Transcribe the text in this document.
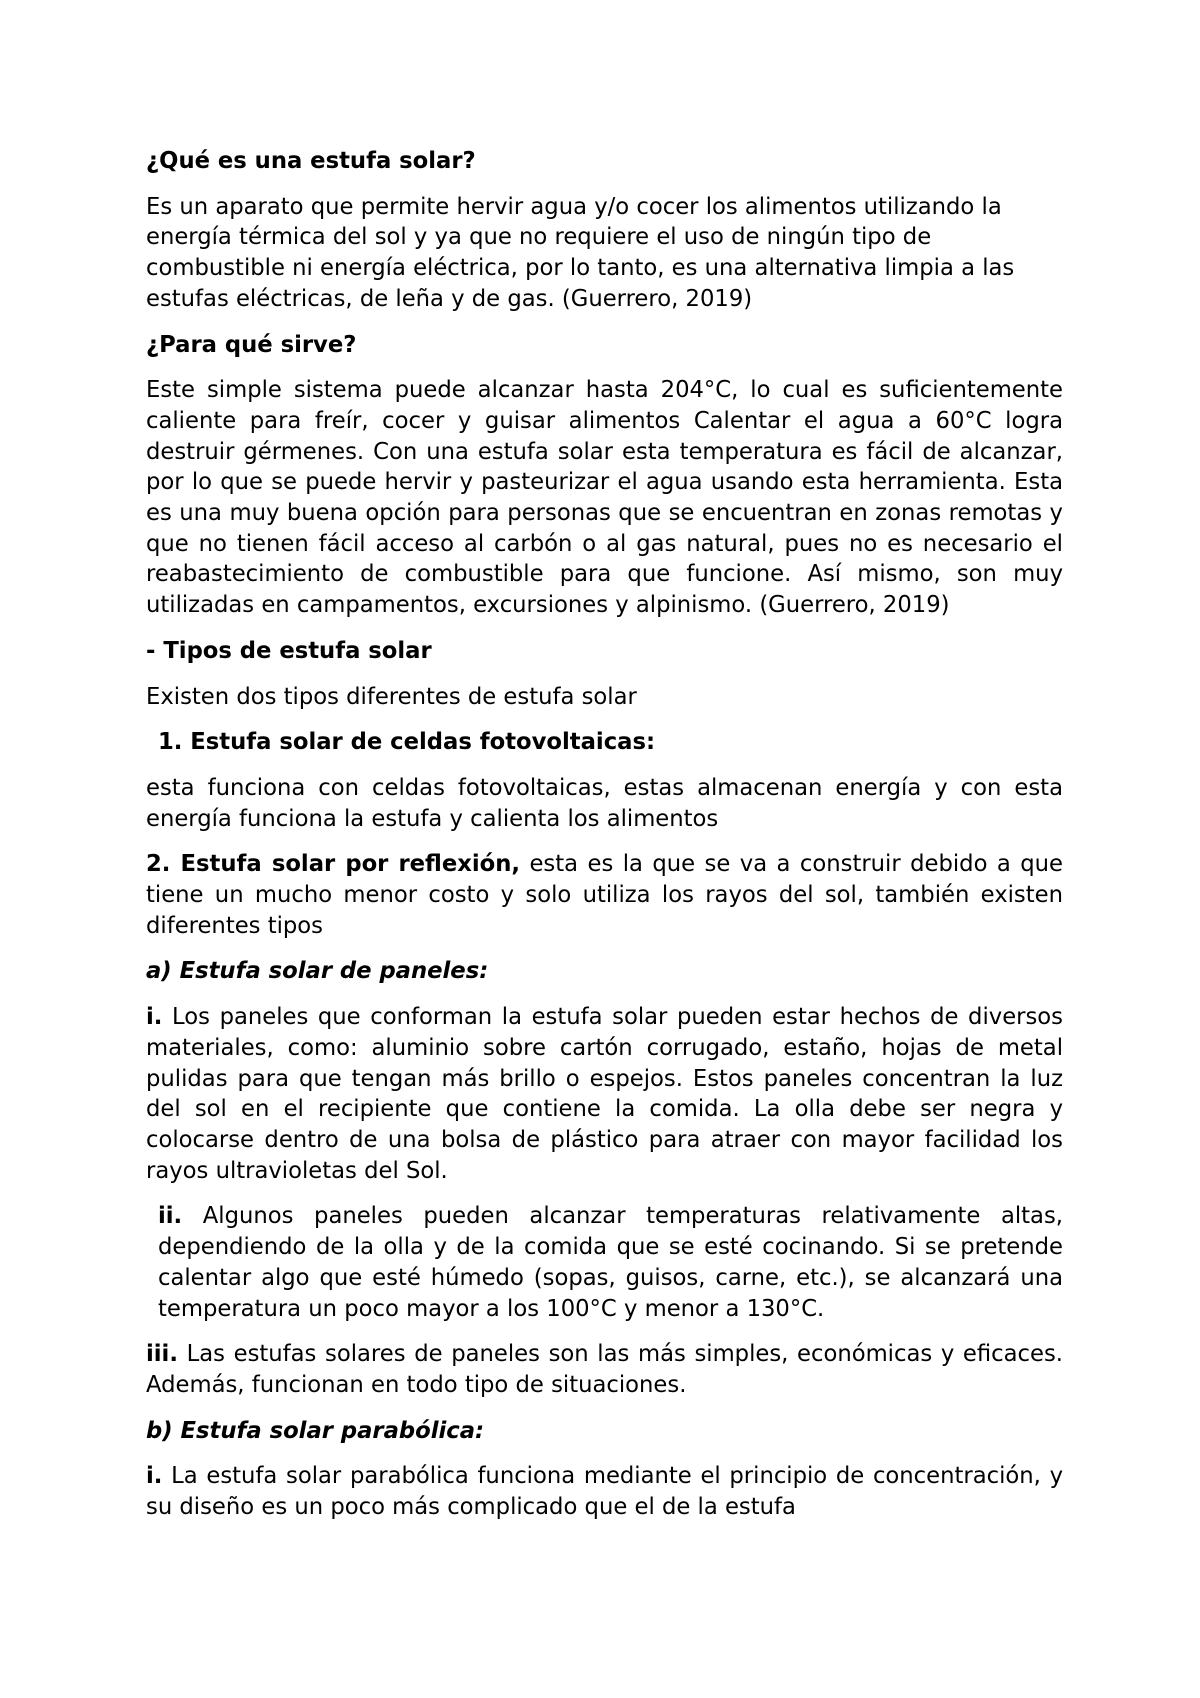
¿Qué es una estufa solar?

Es un aparato que permite hervir agua y/o cocer los alimentos utilizando la energía térmica del sol y ya que no requiere el uso de ningún tipo de combustible ni energía eléctrica, por lo tanto, es una alternativa limpia a las estufas eléctricas, de leña y de gas. (Guerrero, 2019)

¿Para qué sirve?

Este simple sistema puede alcanzar hasta 204°C, lo cual es suficientemente caliente para freír, cocer y guisar alimentos Calentar el agua a 60°C logra destruir gérmenes. Con una estufa solar esta temperatura es fácil de alcanzar, por lo que se puede hervir y pasteurizar el agua usando esta herramienta. Esta es una muy buena opción para personas que se encuentran en zonas remotas y que no tienen fácil acceso al carbón o al gas natural, pues no es necesario el reabastecimiento de combustible para que funcione. Así mismo, son muy utilizadas en campamentos, excursiones y alpinismo. (Guerrero, 2019)

- Tipos de estufa solar

Existen dos tipos diferentes de estufa solar

1. Estufa solar de celdas fotovoltaicas:

esta funciona con celdas fotovoltaicas, estas almacenan energía y con esta energía funciona la estufa y calienta los alimentos

2. Estufa solar por reflexión, esta es la que se va a construir debido a que tiene un mucho menor costo y solo utiliza los rayos del sol, también existen diferentes tipos

a) Estufa solar de paneles:

i. Los paneles que conforman la estufa solar pueden estar hechos de diversos materiales, como: aluminio sobre cartón corrugado, estaño, hojas de metal pulidas para que tengan más brillo o espejos. Estos paneles concentran la luz del sol en el recipiente que contiene la comida. La olla debe ser negra y colocarse dentro de una bolsa de plástico para atraer con mayor facilidad los rayos ultravioletas del Sol.

ii. Algunos paneles pueden alcanzar temperaturas relativamente altas, dependiendo de la olla y de la comida que se esté cocinando. Si se pretende calentar algo que esté húmedo (sopas, guisos, carne, etc.), se alcanzará una temperatura un poco mayor a los 100°C y menor a 130°C.

iii. Las estufas solares de paneles son las más simples, económicas y eficaces. Además, funcionan en todo tipo de situaciones.

b) Estufa solar parabólica:

i. La estufa solar parabólica funciona mediante el principio de concentración, y su diseño es un poco más complicado que el de la estufa
